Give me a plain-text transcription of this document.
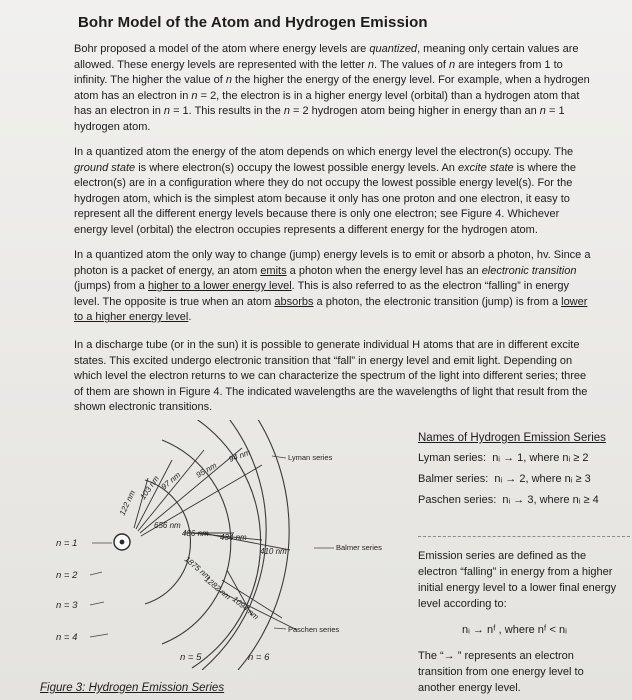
Bohr Model of the Atom and Hydrogen Emission

Bohr proposed a model of the atom where energy levels are quantized, meaning only certain values are allowed. These energy levels are represented with the letter n. The values of n are integers from 1 to infinity. The higher the value of n the higher the energy of the energy level. For example, when a hydrogen atom has an electron in n = 2, the electron is in a higher energy level (orbital) than a hydrogen atom that has an electron in n = 1. This results in the n = 2 hydrogen atom being higher in energy than an n = 1 hydrogen atom.

In a quantized atom the energy of the atom depends on which energy level the electron(s) occupy. The ground state is where electron(s) occupy the lowest possible energy levels. An excite state is where the electron(s) are in a configuration where they do not occupy the lowest possible energy level(s). For the hydrogen atom, which is the simplest atom because it only has one proton and one electron, it easy to represent all the different energy levels because there is only one electron; see Figure 4. Whichever energy level (orbital) the electron occupies represents a different energy for the hydrogen atom.

In a quantized atom the only way to change (jump) energy levels is to emit or absorb a photon, hv. Since a photon is a packet of energy, an atom emits a photon when the energy level has an electronic transition (jumps) from a higher to a lower energy level. This is also referred to as the electron “falling” in energy level. The opposite is true when an atom absorbs a photon, the electronic transition (jump) is from a lower to a higher energy level.

In a discharge tube (or in the sun) it is possible to generate individual H atoms that are in different excite states. This excited undergo electronic transition that “fall” in energy level and emit light. Depending on which level the electron returns to we can characterize the spectrum of the light into different series; three of them are shown in Figure 4. The indicated wavelengths are the wavelengths of light that result from the shown electronic transitions.

n = 1
n = 2
n = 3
n = 4
n = 5	n = 6
122 nm
103 nm
97 nm
95 nm
94 nm
656 nm
486 nm 434 nm
410 nm
1875 nm
1282 nm
1094 nm
Lyman series
Balmer series
Paschen series

Figure 3: Hydrogen Emission Series

Names of Hydrogen Emission Series

Lyman series: nᵢ → 1, where nᵢ ≥ 2
Balmer series: nᵢ → 2, where nᵢ ≥ 3
Paschen series: nᵢ → 3, where nᵢ ≥ 4

Emission series are defined as the electron “falling” in energy from a higher initial energy level to a lower final energy level according to:

nᵢ → nᶠ , where nᶠ < nᵢ

The “→ ” represents an electron transition from one energy level to another energy level.
